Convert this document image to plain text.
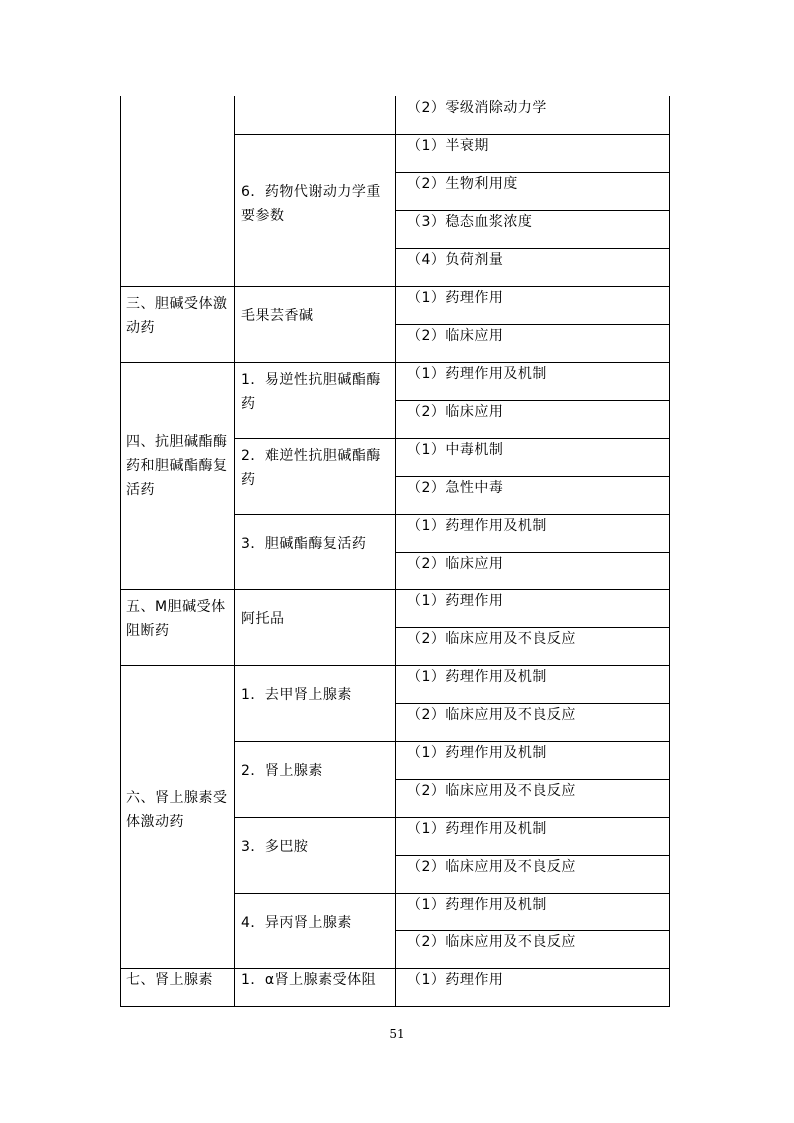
（2）零级消除动力学
6．药物代谢动力学重要参数
（1）半衰期
（2）生物利用度
（3）稳态血浆浓度
（4）负荷剂量
三、胆碱受体激动药
毛果芸香碱
（1）药理作用
（2）临床应用
四、抗胆碱酯酶药和胆碱酯酶复活药
1．易逆性抗胆碱酯酶药
（1）药理作用及机制
（2）临床应用
2．难逆性抗胆碱酯酶药
（1）中毒机制
（2）急性中毒
3．胆碱酯酶复活药
（1）药理作用及机制
（2）临床应用
五、M胆碱受体阻断药
阿托品
（1）药理作用
（2）临床应用及不良反应
六、肾上腺素受体激动药
1．去甲肾上腺素
（1）药理作用及机制
（2）临床应用及不良反应
2．肾上腺素
（1）药理作用及机制
（2）临床应用及不良反应
3．多巴胺
（1）药理作用及机制
（2）临床应用及不良反应
4．异丙肾上腺素
（1）药理作用及机制
（2）临床应用及不良反应
七、肾上腺素	1．α肾上腺素受体阻	（1）药理作用
51
